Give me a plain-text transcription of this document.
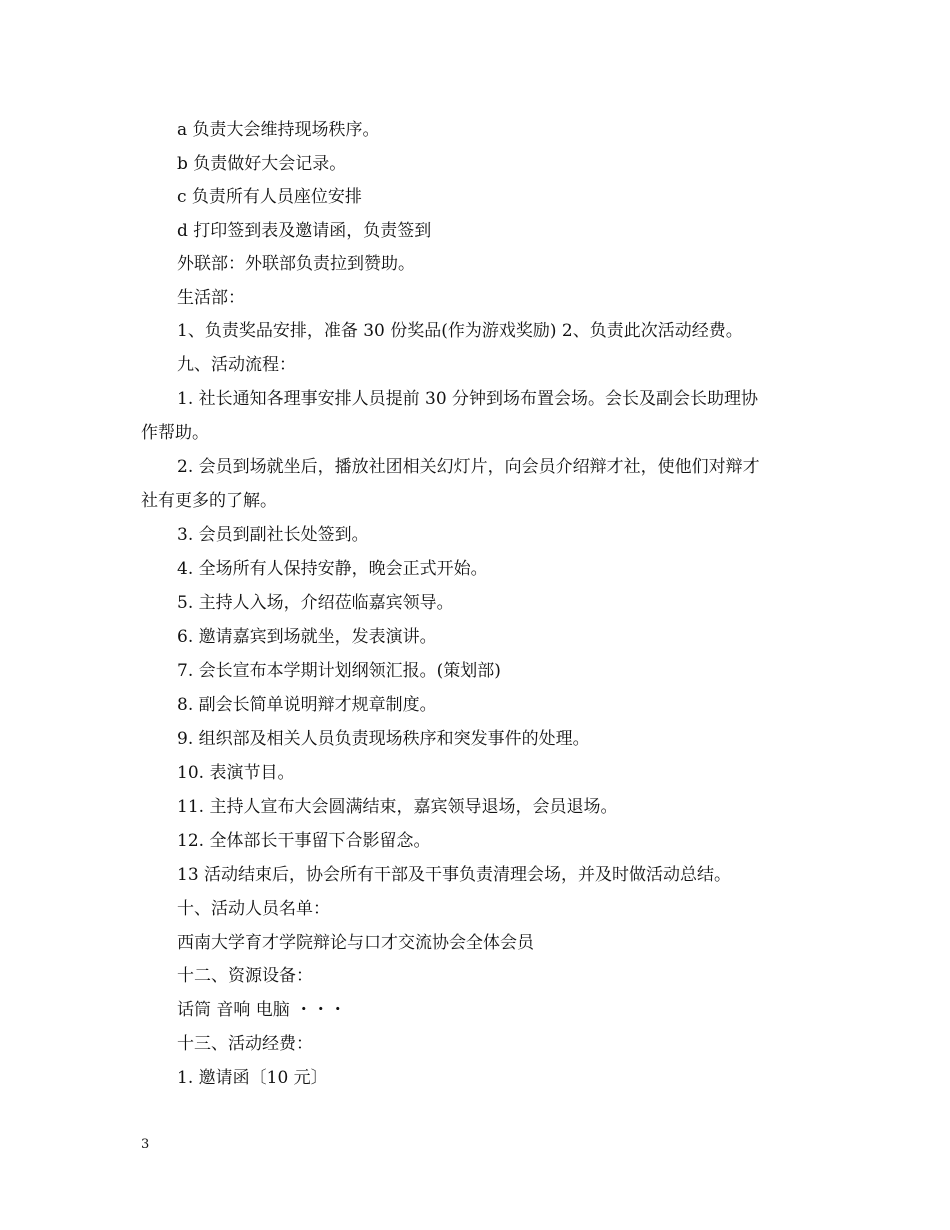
a 负责大会维持现场秩序。
b 负责做好大会记录。
c 负责所有人员座位安排
d 打印签到表及邀请函，负责签到
外联部：外联部负责拉到赞助。
生活部：
1、负责奖品安排，准备 30 份奖品(作为游戏奖励) 2、负责此次活动经费。
九、活动流程：
1. 社长通知各理事安排人员提前 30 分钟到场布置会场。会长及副会长助理协
作帮助。
2. 会员到场就坐后，播放社团相关幻灯片，向会员介绍辩才社，使他们对辩才
社有更多的了解。
3. 会员到副社长处签到。
4. 全场所有人保持安静，晚会正式开始。
5. 主持人入场，介绍莅临嘉宾领导。
6. 邀请嘉宾到场就坐，发表演讲。
7. 会长宣布本学期计划纲领汇报。(策划部)
8. 副会长简单说明辩才规章制度。
9. 组织部及相关人员负责现场秩序和突发事件的处理。
10. 表演节目。
11. 主持人宣布大会圆满结束，嘉宾领导退场，会员退场。
12. 全体部长干事留下合影留念。
13 活动结束后，协会所有干部及干事负责清理会场，并及时做活动总结。
十、活动人员名单：
西南大学育才学院辩论与口才交流协会全体会员
十二、资源设备：
话筒 音响 电脑 ・・・
十三、活动经费：
1. 邀请函〔10 元〕
3
